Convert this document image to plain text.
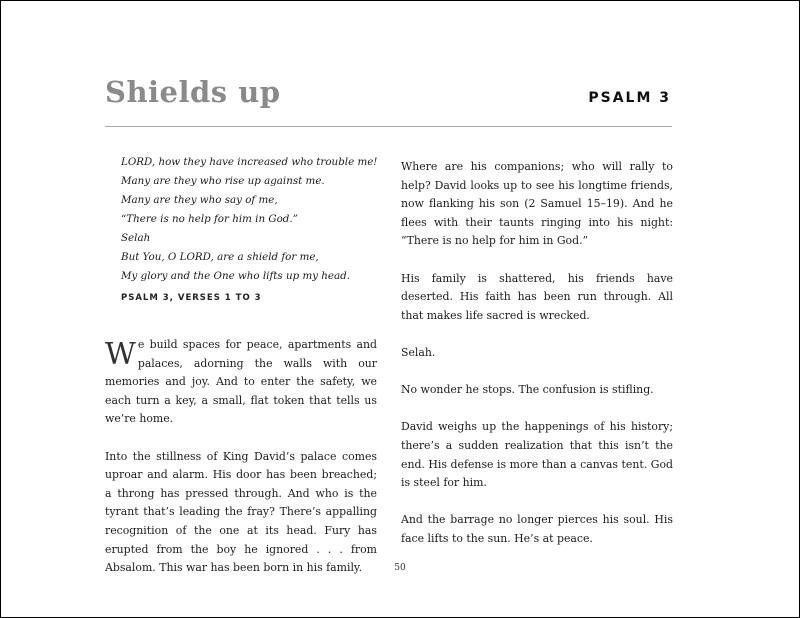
Shields up	PSALM 3

LORD, how they have increased who trouble me!

Many are they who rise up against me.

Many are they who say of me,

“There is no help for him in God.”

Selah

But You, O LORD, are a shield for me,

My glory and the One who lifts up my head.

PSALM 3, VERSES 1 TO 3

We build spaces for peace, apartments and palaces, adorning the walls with our memories and joy. And to enter the safety, we each turn a key, a small, flat token that tells us we’re home.

Into the stillness of King David’s palace comes uproar and alarm. His door has been breached; a throng has pressed through. And who is the tyrant that’s leading the fray? There’s appalling recognition of the one at its head. Fury has erupted from the boy he ignored . . . from Absalom. This war has been born in his family.

Where are his companions; who will rally to help? David looks up to see his longtime friends, now flanking his son (2 Samuel 15–19). And he flees with their taunts ringing into his night: “There is no help for him in God.”

His family is shattered, his friends have deserted. His faith has been run through. All that makes life sacred is wrecked.

Selah.

No wonder he stops. The confusion is stifling.

David weighs up the happenings of his history; there’s a sudden realization that this isn’t the end. His defense is more than a canvas tent. God is steel for him.

And the barrage no longer pierces his soul. His face lifts to the sun. He’s at peace.

50
